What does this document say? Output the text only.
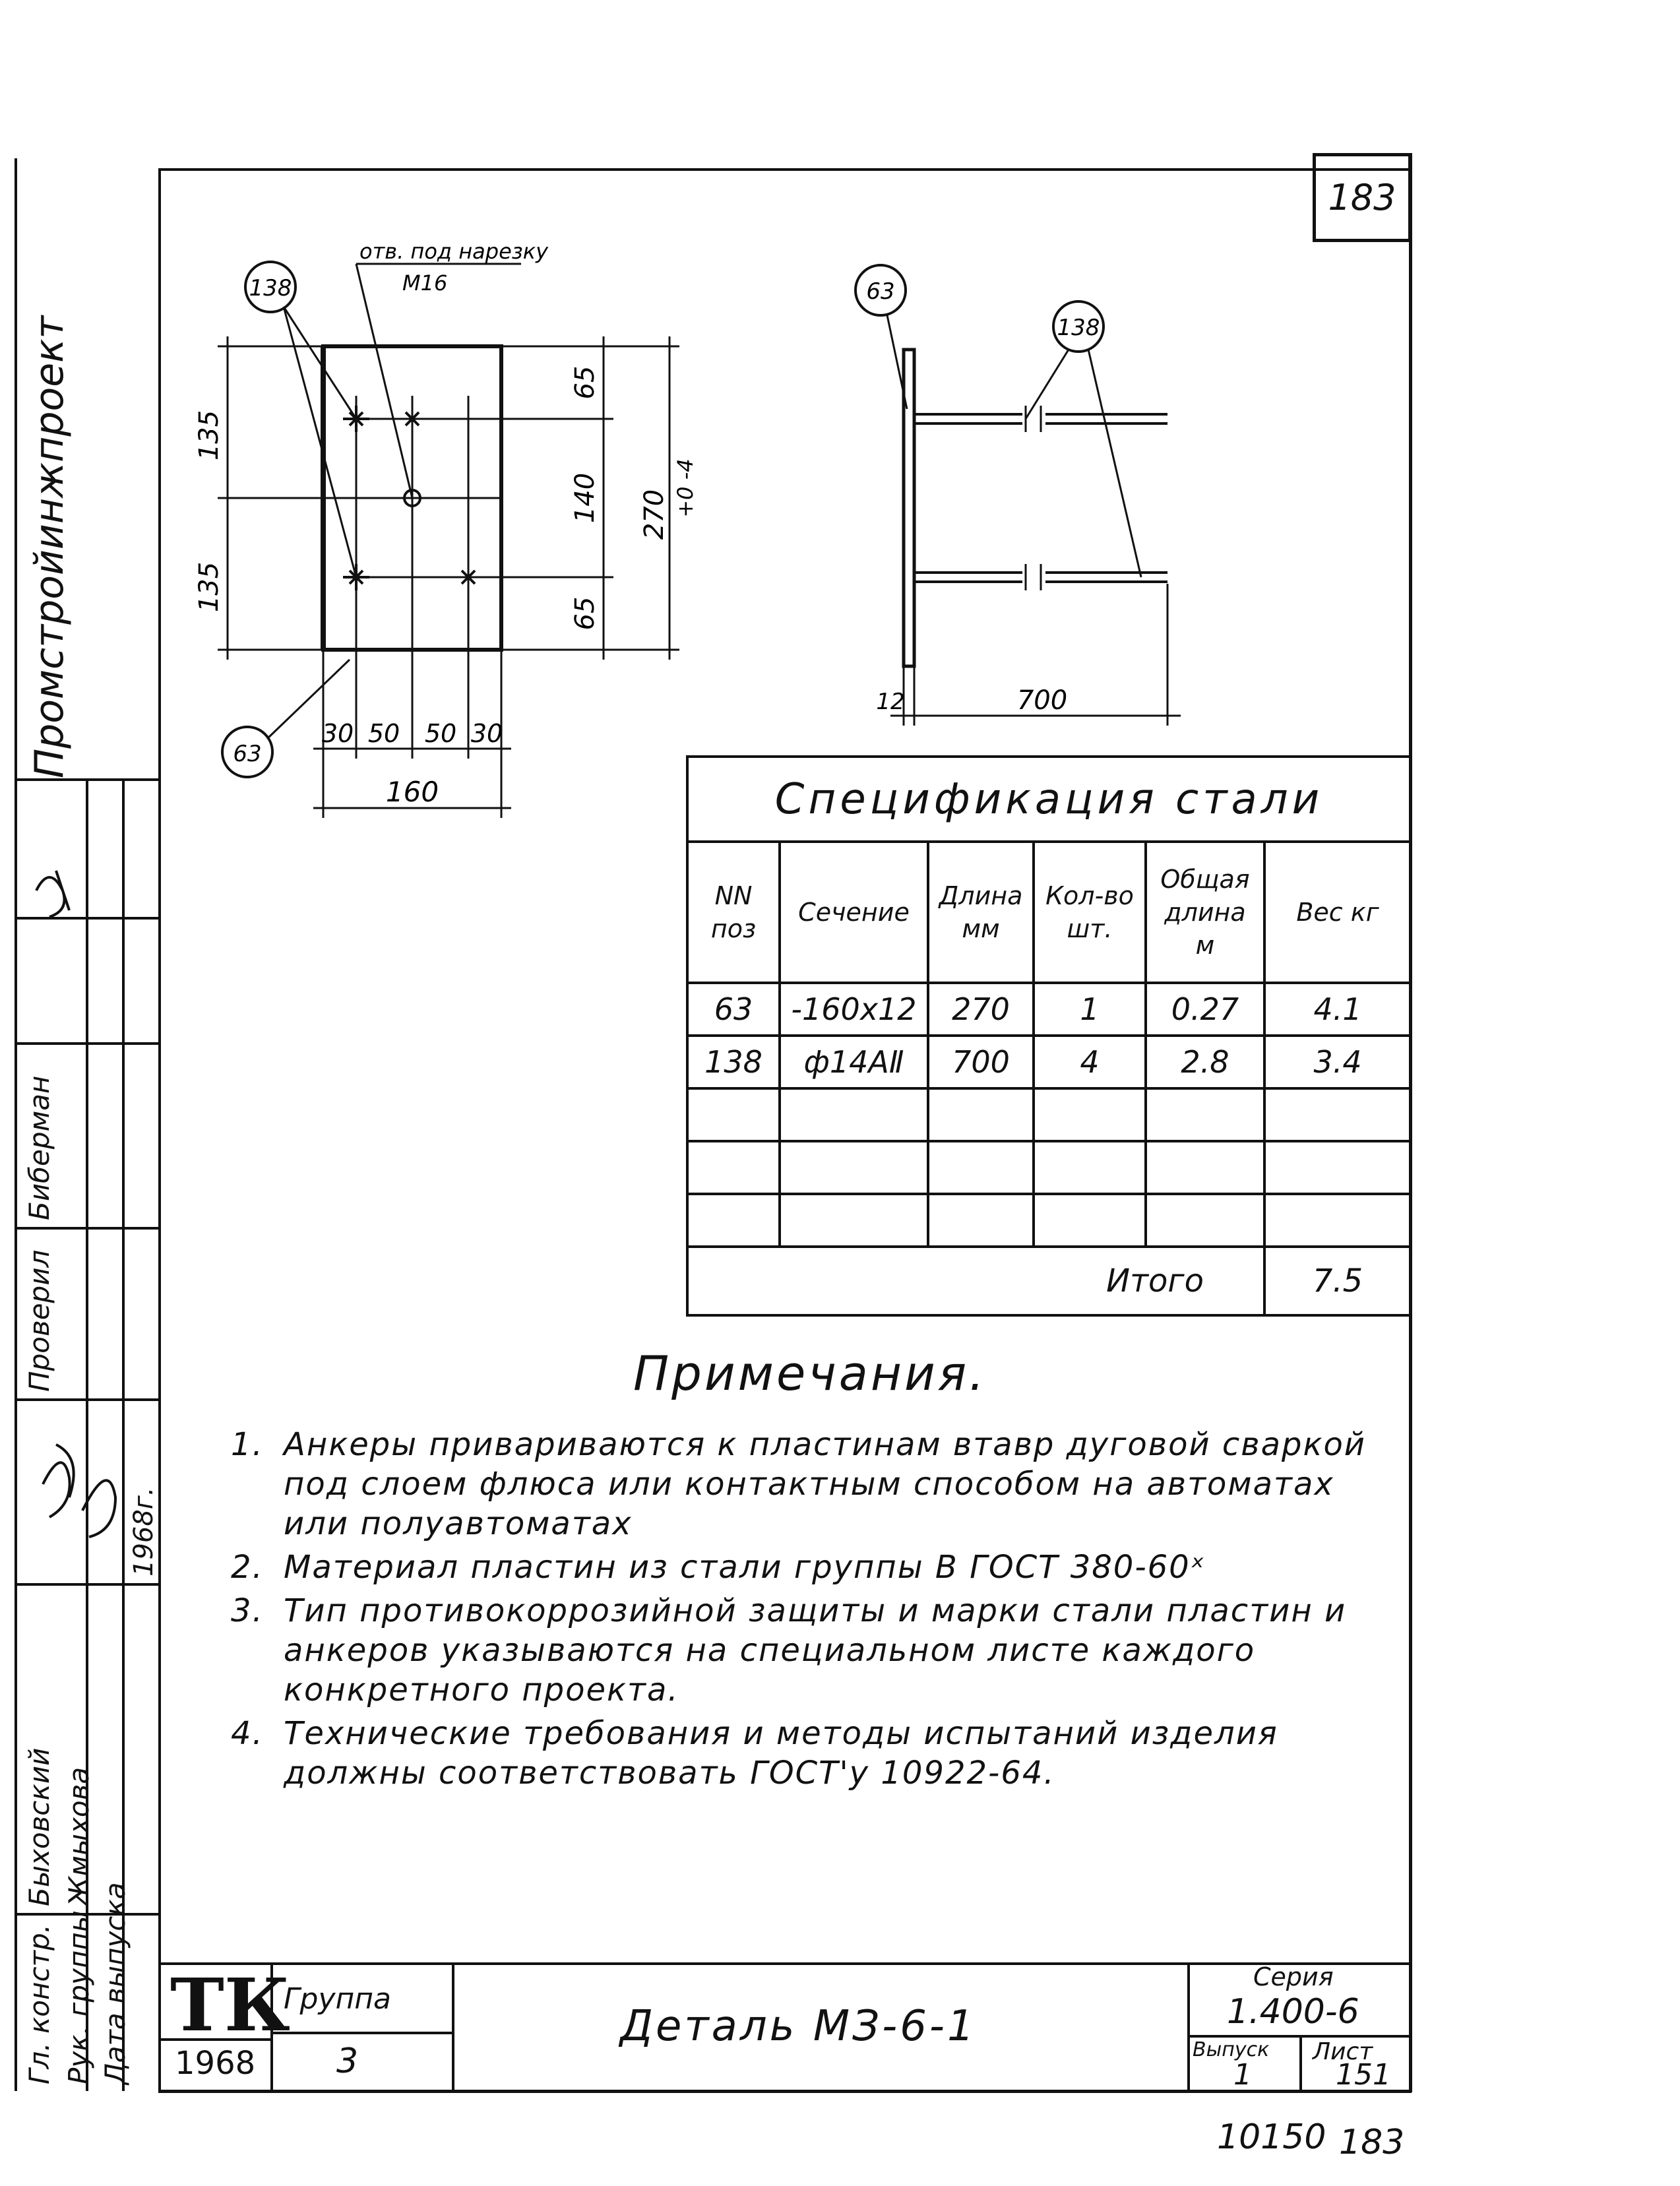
183
Промстройинжпроект
Гл. констр. Рук. группы Дата выпуска
Быховский Жмыхова
Биберман
Проверил
1968г.
138
63
отв. под нарезку
М16
135
135
65
140
65
270 +0 -4
30 50 50 30
160
63
138
12	700
Спецификация стали					
NN поз	Сечение	Длина мм	Кол-во шт.	Общая длина м	Вес кг
63	-160х12	270	1	0.27	4.1
138	ф14АⅡ	700	4	2.8	3.4

Итого					7.5
Примечания.
1. Анкеры привариваются к пластинам втавр дуговой сваркой под слоем флюса или контактным способом на автоматах или полуавтоматах
2. Материал пластин из стали группы В ГОСТ 380-60ˣ
3. Тип противокоррозийной защиты и марки стали пластин и анкеров указываются на специальном листе каждого конкретного проекта.
4. Технические требования и методы испытаний изделия должны соответствовать ГОСТ'у 10922-64.
ТК
1968
Группа
3
Деталь МЗ-6-1
Серия
1.400-6
Выпуск
1
Лист
151
10150 183
